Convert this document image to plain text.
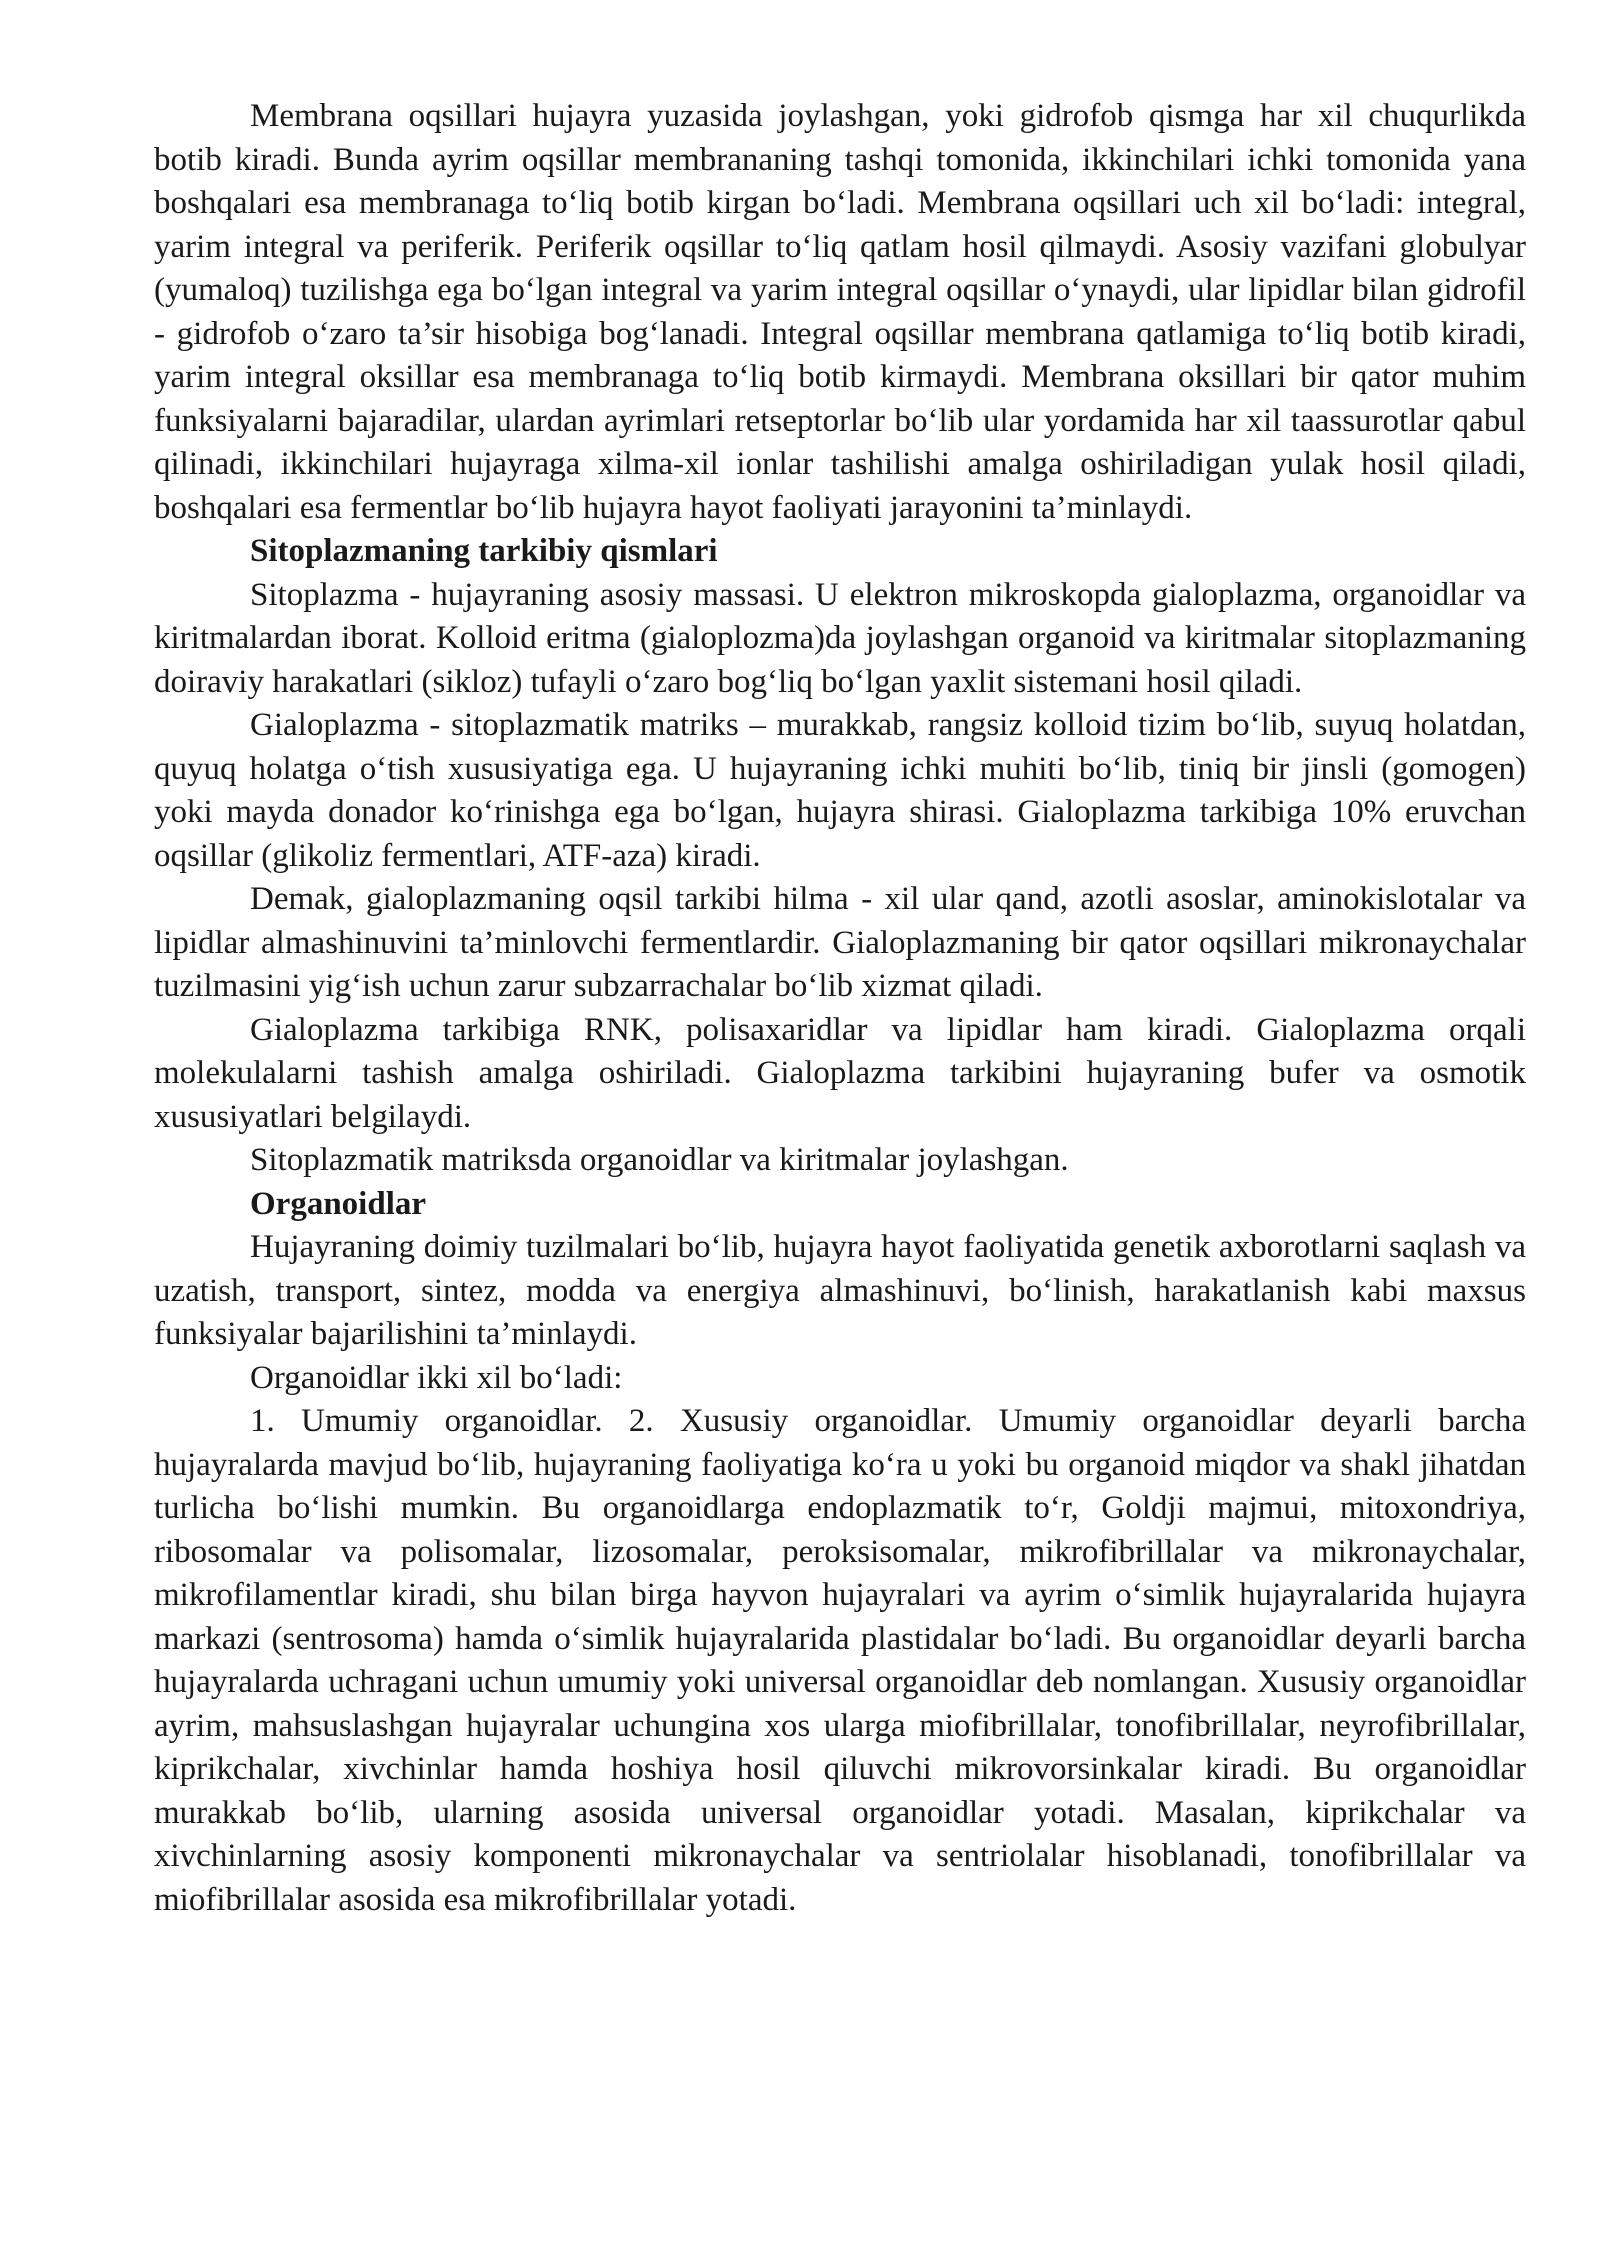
Membrana oqsillari hujayra yuzasida joylashgan, yoki gidrofob qismga har xil chuqurlikda botib kiradi. Bunda ayrim oqsillar membrananing tashqi tomonida, ikkinchilari ichki tomonida yana boshqalari esa membranaga to‘liq botib kirgan bo‘ladi. Membrana oqsillari uch xil bo‘ladi: integral, yarim integral va periferik. Periferik oqsillar to‘liq qatlam hosil qilmaydi. Asosiy vazifani globulyar (yumaloq) tuzilishga ega bo‘lgan integral va yarim integral oqsillar o‘ynaydi, ular lipidlar bilan gidrofil - gidrofob o‘zaro ta’sir hisobiga bog‘lanadi. Integral oqsillar membrana qatlamiga to‘liq botib kiradi, yarim integral oksillar esa membranaga to‘liq botib kirmaydi. Membrana oksillari bir qator muhim funksiyalarni bajaradilar, ulardan ayrimlari retseptorlar bo‘lib ular yordamida har xil taassurotlar qabul qilinadi, ikkinchilari hujayraga xilma-xil ionlar tashilishi amalga oshiriladigan yulak hosil qiladi, boshqalari esa fermentlar bo‘lib hujayra hayot faoliyati jarayonini ta’minlaydi.

Sitoplazmaning tarkibiy qismlari

Sitoplazma - hujayraning asosiy massasi. U elektron mikroskopda gialoplazma, organoidlar va kiritmalardan iborat. Kolloid eritma (gialoplozma)da joylashgan organoid va kiritmalar sitoplazmaning doiraviy harakatlari (sikloz) tufayli o‘zaro bog‘liq bo‘lgan yaxlit sistemani hosil qiladi.

Gialoplazma - sitoplazmatik matriks – murakkab, rangsiz kolloid tizim bo‘lib, suyuq holatdan, quyuq holatga o‘tish xususiyatiga ega. U hujayraning ichki muhiti bo‘lib, tiniq bir jinsli (gomogen) yoki mayda donador ko‘rinishga ega bo‘lgan, hujayra shirasi. Gialoplazma tarkibiga 10% eruvchan oqsillar (glikoliz fermentlari, ATF-aza) kiradi.

Demak, gialoplazmaning oqsil tarkibi hilma - xil ular qand, azotli asoslar, aminokislotalar va lipidlar almashinuvini ta’minlovchi fermentlardir. Gialoplazmaning bir qator oqsillari mikronaychalar tuzilmasini yig‘ish uchun zarur subzarrachalar bo‘lib xizmat qiladi.

Gialoplazma tarkibiga RNK, polisaxaridlar va lipidlar ham kiradi. Gialoplazma orqali molekulalarni tashish amalga oshiriladi. Gialoplazma tarkibini hujayraning bufer va osmotik xususiyatlari belgilaydi.

Sitoplazmatik matriksda organoidlar va kiritmalar joylashgan.

Organoidlar

Hujayraning doimiy tuzilmalari bo‘lib, hujayra hayot faoliyatida genetik axborotlarni saqlash va uzatish, transport, sintez, modda va energiya almashinuvi, bo‘linish, harakatlanish kabi maxsus funksiyalar bajarilishini ta’minlaydi.

Organoidlar ikki xil bo‘ladi:

1. Umumiy organoidlar. 2. Xususiy organoidlar. Umumiy organoidlar deyarli barcha hujayralarda mavjud bo‘lib, hujayraning faoliyatiga ko‘ra u yoki bu organoid miqdor va shakl jihatdan turlicha bo‘lishi mumkin. Bu organoidlarga endoplazmatik to‘r, Goldji majmui, mitoxondriya, ribosomalar va polisomalar, lizosomalar, peroksisomalar, mikrofibrillalar va mikronaychalar, mikrofilamentlar kiradi, shu bilan birga hayvon hujayralari va ayrim o‘simlik hujayralarida hujayra markazi (sentrosoma) hamda o‘simlik hujayralarida plastidalar bo‘ladi. Bu organoidlar deyarli barcha hujayralarda uchragani uchun umumiy yoki universal organoidlar deb nomlangan. Xususiy organoidlar ayrim, mahsuslashgan hujayralar uchungina xos ularga miofibrillalar, tonofibrillalar, neyrofibrillalar, kiprikchalar, xivchinlar hamda hoshiya hosil qiluvchi mikrovorsinkalar kiradi. Bu organoidlar murakkab bo‘lib, ularning asosida universal organoidlar yotadi. Masalan, kiprikchalar va xivchinlarning asosiy komponenti mikronaychalar va sentriolalar hisoblanadi, tonofibrillalar va miofibrillalar asosida esa mikrofibrillalar yotadi.
